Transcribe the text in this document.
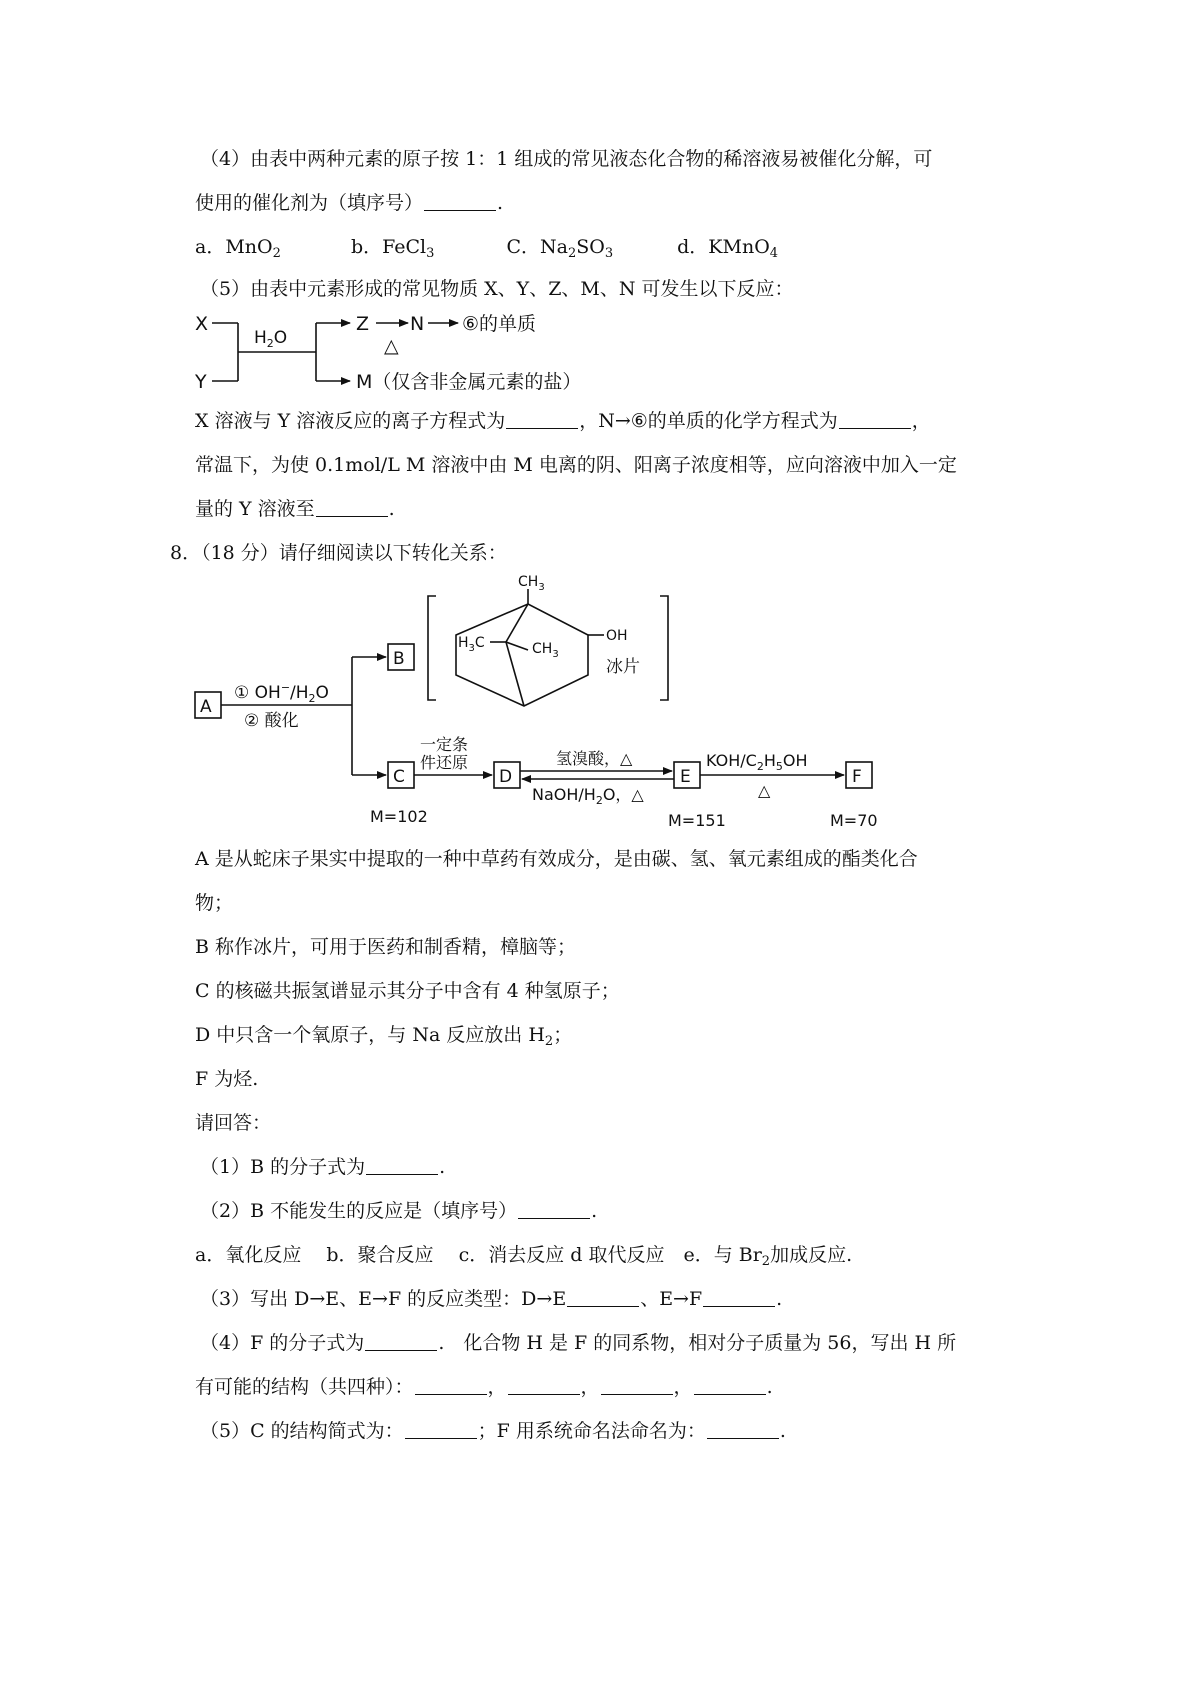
（4）由表中两种元素的原子按 1：1 组成的常见液态化合物的稀溶液易被催化分解，可
使用的催化剂为（填序号）	.
a．MnO$_2$	b．FeCl$_3$	C．$Na_2SO_3$	d．KMnO$_4$
（5）由表中元素形成的常见物质 X、Y、Z、M、N 可发生以下反应：
X 溶液与 Y 溶液反应的离子方程式为	，N→⑥的单质的化学方程式为	，
常温下，为使 0.1mol/L M 溶液中由 M 电离的阴、阳离子浓度相等，应向溶液中加入一定
量的 Y 溶液至	.
8．（18 分）请仔细阅读以下转化关系：
A 是从蛇床子果实中提取的一种中草药有效成分，是由碳、氢、氧元素组成的酯类化合
物；
B 称作冰片，可用于医药和制香精，樟脑等；
C 的核磁共振氢谱显示其分子中含有 4 种氢原子；
D 中只含一个氧原子，与 Na 反应放出 $H_2$；
F 为烃.
请回答：
（1）B 的分子式为	.
（2）B 不能发生的反应是（填序号）	.
a．氧化反应　 b．聚合反应　 c．消去反应 d 取代反应　e．与 $Br_2$加成反应.
（3）写出 D→E、E→F 的反应类型：D→E	、E→F	.
（4）F 的分子式为	.　化合物 H 是 F 的同系物，相对分子质量为 56，写出 H 所
有可能的结构（共四种）：	，	，	，	.
（5）C 的结构简式为：	；F 用系统命名法命名为：	.
X
Y
$H_2O$
Z N
△
⑥的单质
M（仅含非金属元素的盐）
A
B
C	D	E	F
① $OH^-/H_2O$
② 酸化
一定条
件还原	氢溴酸，△
NaOH/$H_2O$，△
KOH/$C_2H_5OH$
△
M=102	M=151	M=70
$CH_3$
$H_3C$	$CH_3$
OH
冰片
